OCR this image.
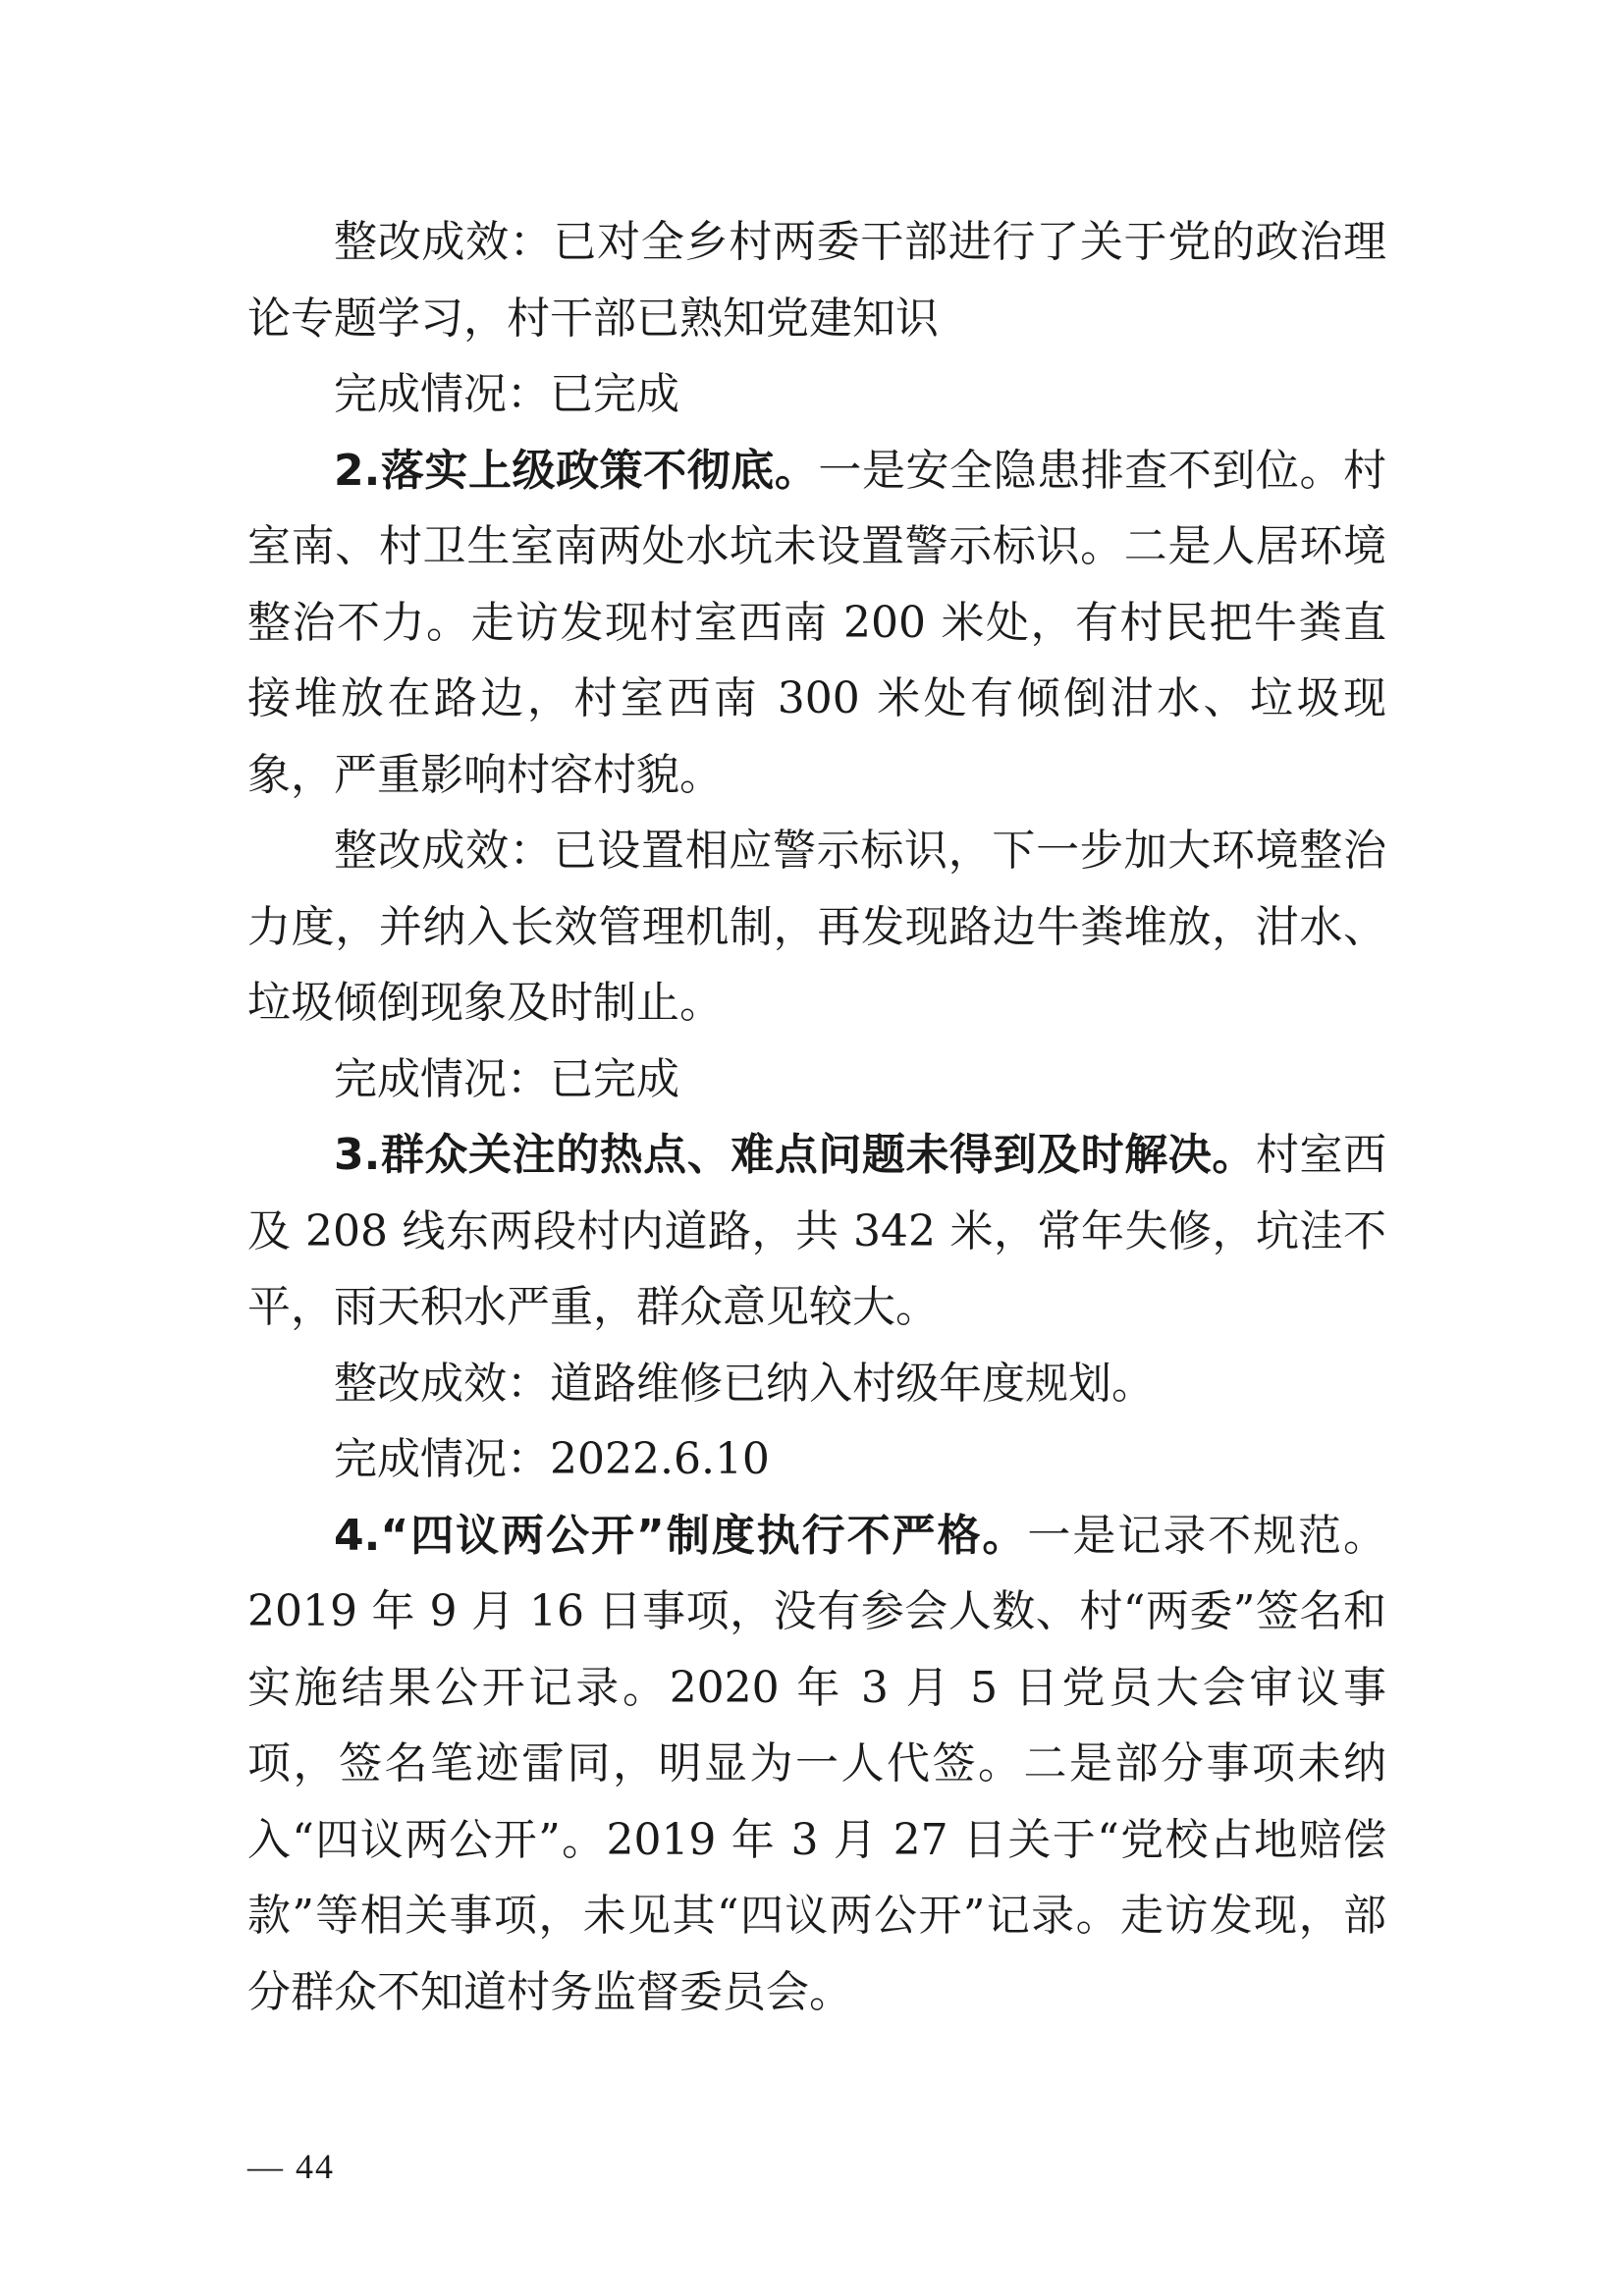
整改成效：已对全乡村两委干部进行了关于党的政治理论专题学习，村干部已熟知党建知识

完成情况：已完成

2.落实上级政策不彻底。一是安全隐患排查不到位。村室南、村卫生室南两处水坑未设置警示标识。二是人居环境整治不力。走访发现村室西南 200 米处，有村民把牛粪直接堆放在路边，村室西南 300 米处有倾倒泔水、垃圾现象，严重影响村容村貌。

整改成效：已设置相应警示标识，下一步加大环境整治力度，并纳入长效管理机制，再发现路边牛粪堆放，泔水、垃圾倾倒现象及时制止。

完成情况：已完成

3.群众关注的热点、难点问题未得到及时解决。村室西及 208 线东两段村内道路，共 342 米，常年失修，坑洼不平，雨天积水严重，群众意见较大。

整改成效：道路维修已纳入村级年度规划。

完成情况：2022.6.10

4.“四议两公开”制度执行不严格。一是记录不规范。2019 年 9 月 16 日事项，没有参会人数、村“两委”签名和实施结果公开记录。2020 年 3 月 5 日党员大会审议事项，签名笔迹雷同，明显为一人代签。二是部分事项未纳入“四议两公开”。2019 年 3 月 27 日关于“党校占地赔偿款”等相关事项，未见其“四议两公开”记录。走访发现，部分群众不知道村务监督委员会。

— 44
